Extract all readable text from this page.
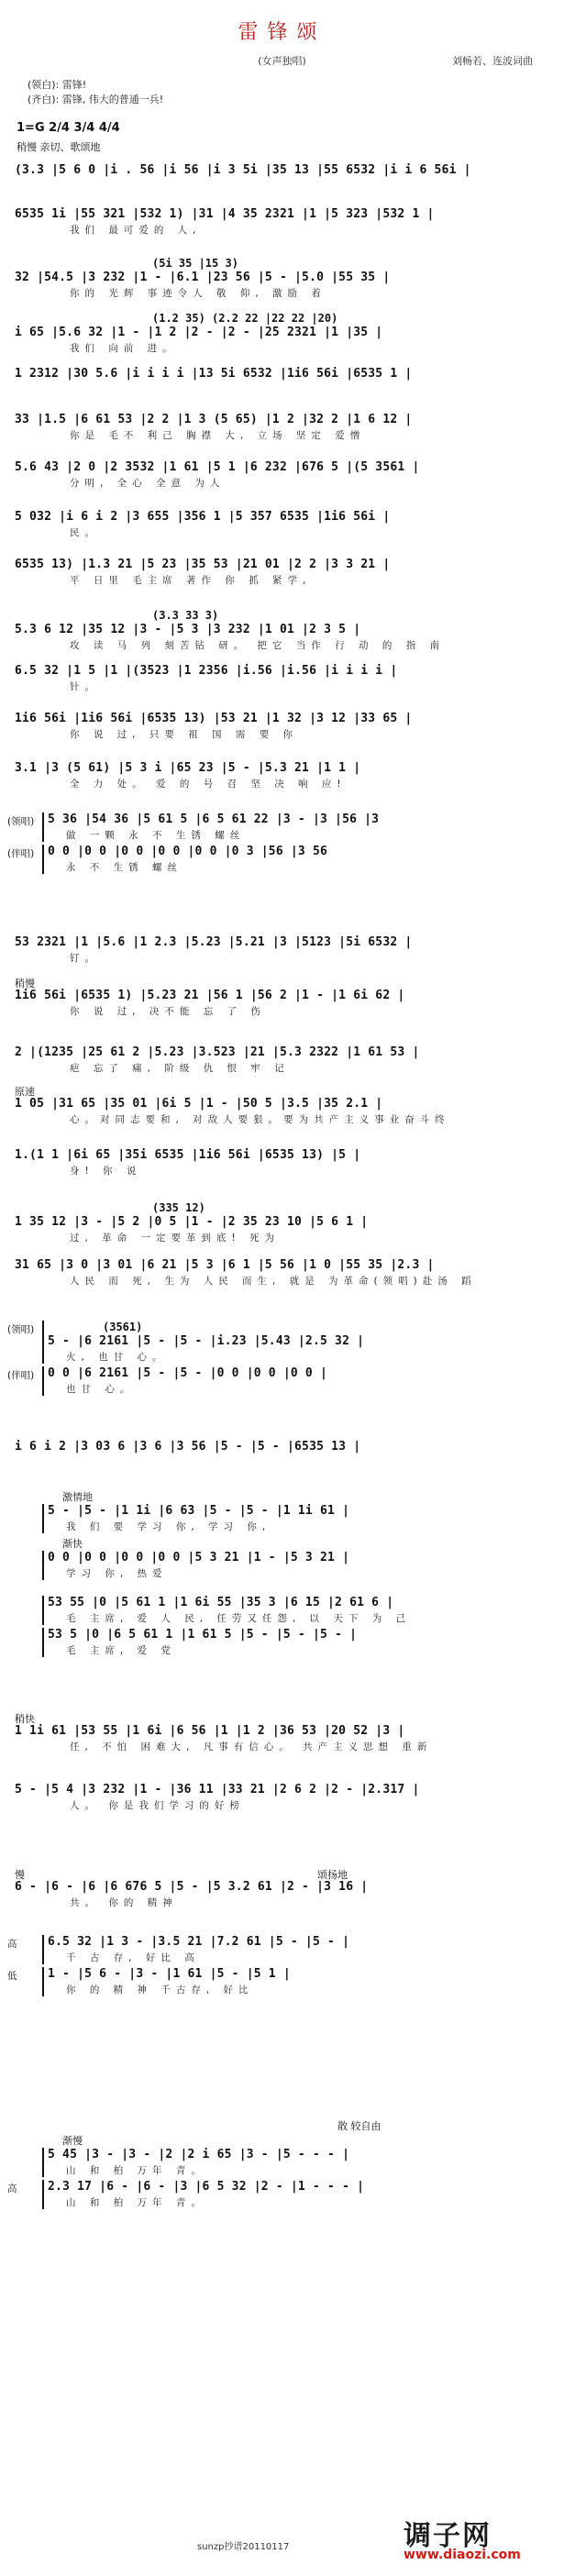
雷锋颂
(女声独唱)	刘畅若、连波词曲
(领白): 雷锋!
(齐白): 雷锋, 伟大的普通一兵!
1=G 2/4 3/4 4/4
稍慢 亲切、歌颂地
(3.3 |5 6 0 |i . 56 |i 56 |i 3 5i |35 13 |55 6532 |i i 6 56i |
6535 1i |55 321 |532 1) |31 |4 35 2321 |1 |5 323 |532 1 |
我们 最可爱的 人,
(5i 35 |15 3)
32 |54.5 |3 232 |1 - |6.1 |23 56 |5 - |5.0 |55 35 |
你的 光辉 事迹令人 敬 仰, 激励 着
(1.2 35) (2.2 22 |22 22 |20)
i 65 |5.6 32 |1 - |1 2 |2 - |2 - |25 2321 |1 |35 |
我们 向前 进。
1 2312 |30 5.6 |i i i i |13 5i 6532 |1i6 56i |6535 1 |
33 |1.5 |6 61 53 |2 2 |1 3 (5 65) |1 2 |32 2 |1 6 12 |
你是 毛不 利己 胸襟 大, 立场 坚定 爱憎
5.6 43 |2 0 |2 3532 |1 61 |5 1 |6 232 |676 5 |(5 3561 |
分明, 全心 全意 为人
5 032 |i 6 i 2 |3 655 |356 1 |5 357 6535 |1i6 56i |
民。
6535 13) |1.3 21 |5 23 |35 53 |21 01 |2 2 |3 3 21 |
平 日里 毛主席 著作 你 抓 紧学,
(3.3 33 3)
5.3 6 12 |35 12 |3 - |5 3 |3 232 |1 01 |2 3 5 |
攻 读 马 列 刻苦钻 研。 把它 当作 行 动 的 指 南
6.5 32 |1 5 |1 |(3523 |1 2356 |i.56 |i.56 |i i i i |
针。
1i6 56i |1i6 56i |6535 13) |53 21 |1 32 |3 12 |33 65 |
你 说 过, 只要 祖 国 需 要 你
3.1 |3 (5 61) |5 3 i |65 23 |5 - |5.3 21 |1 1 |
全 力 处。 爱 的 号 召 坚 决 响 应!
(领唱)	5 36 |54 36 |5 61 5 |6 5 61 22 |3 - |3 |56 |3
做 一颗 永 不 生锈 螺丝
(伴唱)	0 0 |0 0 |0 0 |0 0 |0 0 |0 3 |56 |3 56
永 不 生锈 螺丝
53 2321 |1 |5.6 |1 2.3 |5.23 |5.21 |3 |5123 |5i 6532 |
钉。
稍慢
1i6 56i |6535 1) |5.23 21 |56 1 |56 2 |1 - |1 6i 62 |
你 说 过, 决不能 忘 了 伤
2 |(1235 |25 61 2 |5.23 |3.523 |21 |5.3 2322 |1 61 53 |
疤 忘了 痛, 阶级 仇 恨 牢 记
原速
1 05 |31 65 |35 01 |6i 5 |1 - |50 5 |3.5 |35 2.1 |
心。对同志要和, 对敌人要狠。要为共产主义事业奋斗终
1.(1 1 |6i 65 |35i 6535 |1i6 56i |6535 13) |5 |
身! 你 说
(335 12)
1 35 12 |3 - |5 2 |0 5 |1 - |2 35 23 10 |5 6 1 |
过, 革命 一定要革到底! 死为
31 65 |3 0 |3 01 |6 21 |5 3 |6 1 |5 56 |1 0 |55 35 |2.3 |
人民 而 死, 生为 人民 而生, 就是 为革命(领唱)赴汤 蹈
(领唱)	(3561)
5 - |6 2161 |5 - |5 - |i.23 |5.43 |2.5 32 |
火, 也甘 心。
(伴唱)	0 0 |6 2161 |5 - |5 - |0 0 |0 0 |0 0 |
也甘 心。
i 6 i 2 |3 03 6 |3 6 |3 56 |5 - |5 - |6535 13 |
激情地
5 - |5 - |1 1i |6 63 |5 - |5 - |1 1i 61 |
我 们 要 学习 你, 学习 你,
渐快
0 0 |0 0 |0 0 |0 0 |5 3 21 |1 - |5 3 21 |
学习 你, 热爱
53 55 |0 |5 61 1 |1 6i 55 |35 3 |6 15 |2 61 6 |
毛 主席, 爱 人 民, 任劳又任怨, 以 天下 为 己
53 5 |0 |6 5 61 1 |1 61 5 |5 - |5 - |5 - |
毛 主席, 爱 党
稍快
1 1i 61 |53 55 |1 6i |6 56 |1 |1 2 |36 53 |20 52 |3 |
任, 不怕 困难大, 凡事有信心。 共产主义思想 重新
5 - |5 4 |3 232 |1 - |36 11 |33 21 |2 6 2 |2 - |2.317 |
人。 你是我们学习的好榜
慢	颂扬地
6 - |6 - |6 |6 676 5 |5 - |5 3.2 61 |2 - |3 16 |
共。 你的 精神
高	6.5 32 |1 3 - |3.5 21 |7.2 61 |5 - |5 - |
千 古 存, 好比 高
低	1 - |5 6 - |3 - |1 61 |5 - |5 1 |
你 的 精 神 千古存, 好比
散 较自由
渐慢
5 45 |3 - |3 - |2 |2 i 65 |3 - |5 - - - |
山 和 柏 万年 青。
高	2.3 17 |6 - |6 - |3 |6 5 32 |2 - |1 - - - |
山 和 柏 万年 青。
sunzp抄谱20110117	调子网
www.diaozi.com
